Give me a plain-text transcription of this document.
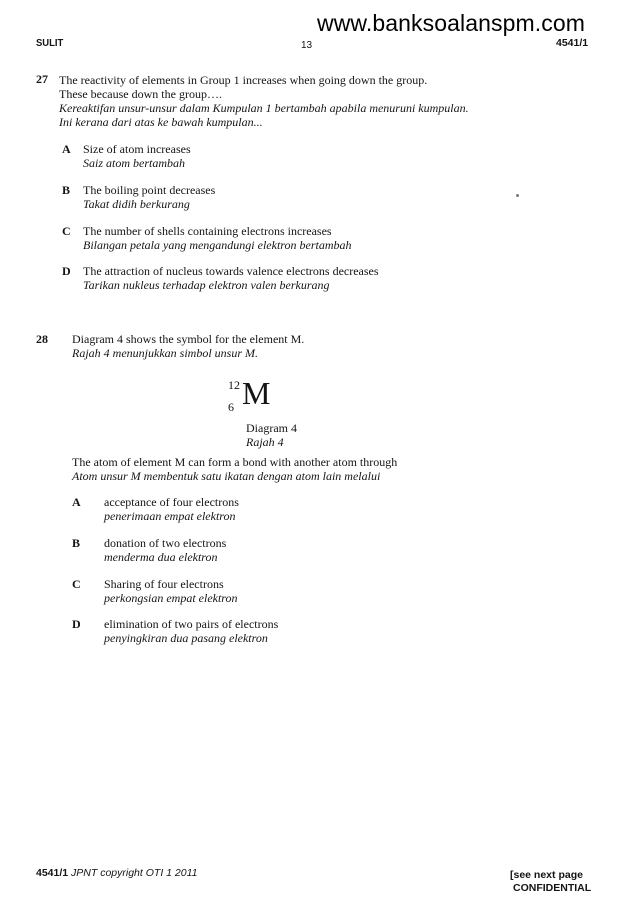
SULIT	13
www.banksoalanspm.com
4541/1
27 The reactivity of elements in Group 1 increases when going down the group.
These because down the group….
Kereaktifan unsur-unsur dalam Kumpulan 1 bertambah apabila menuruni kumpulan.
Ini kerana dari atas ke bawah kumpulan...
A Size of atom increases
Saiz atom bertambah
B The boiling point decreases
Takat didih berkurang
C The number of shells containing electrons increases
Bilangan petala yang mengandungi elektron bertambah
D The attraction of nucleus towards valence electrons decreases
Tarikan nukleus terhadap elektron valen berkurang
28 Diagram 4 shows the symbol for the element M.
Rajah 4 menunjukkan simbol unsur M.
12
6 M
Diagram 4
Rajah 4
The atom of element M can form a bond with another atom through
Atom unsur M membentuk satu ikatan dengan atom lain melalui
A acceptance of four electrons
penerimaan empat elektron
B donation of two electrons
menderma dua elektron
C Sharing of four electrons
perkongsian empat elektron
D elimination of two pairs of electrons
penyingkiran dua pasang elektron
4541/1 JPNT copyright OTI 1 2011	[see next page
CONFIDENTIAL
